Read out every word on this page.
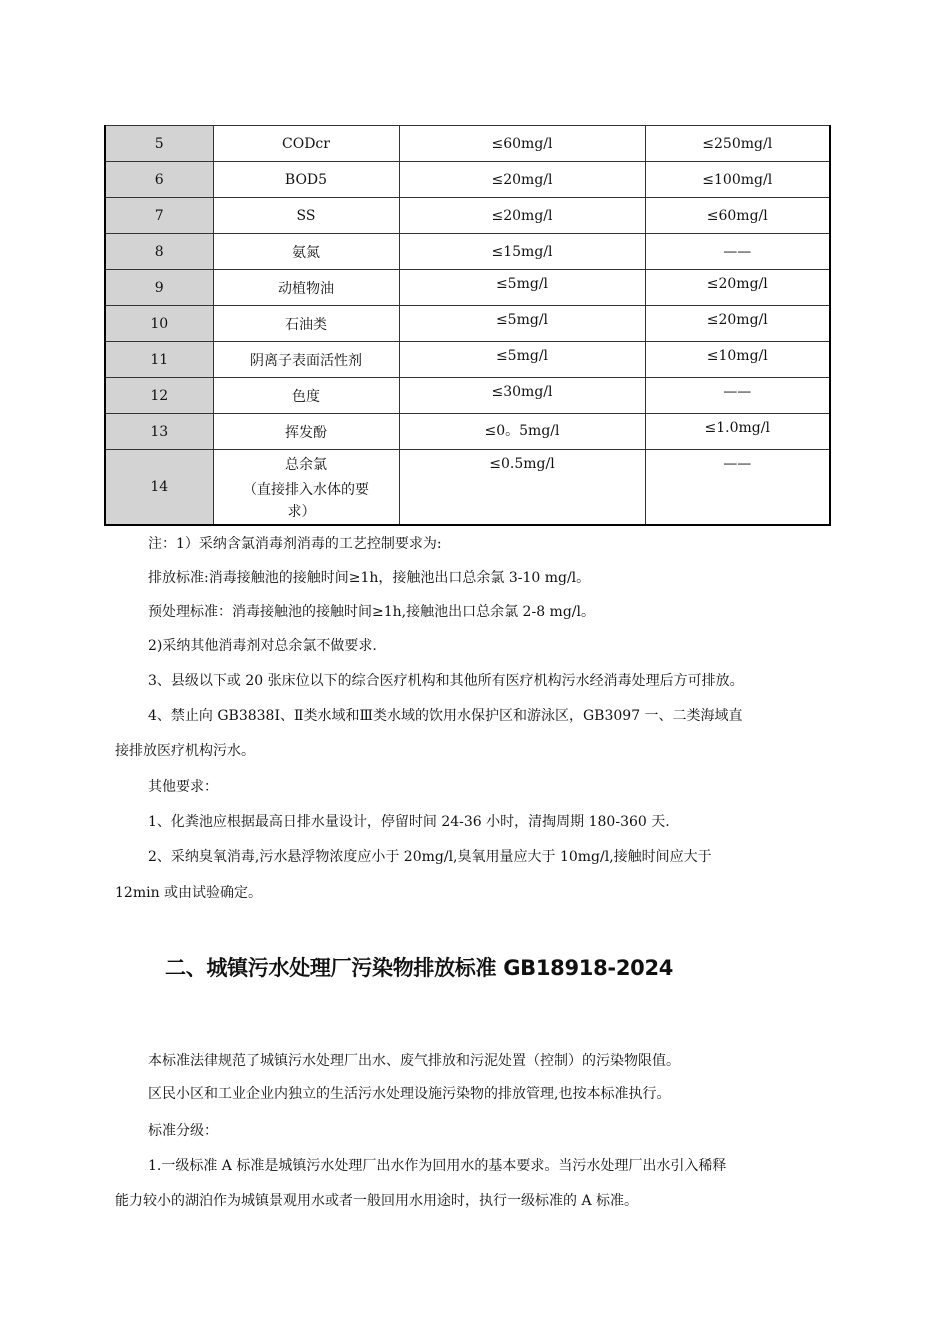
5	CODcr	≤60mg/l	≤250mg/l
6	BOD5	≤20mg/l	≤100mg/l
7	SS	≤20mg/l	≤60mg/l
8	氨氮	≤15mg/l	——
9	动植物油	≤5mg/l	≤20mg/l
10	石油类	≤5mg/l	≤20mg/l
11	阴离子表面活性剂	≤5mg/l	≤10mg/l
12	色度	≤30mg/l	——
13	挥发酚	≤0。5mg/l	≤1.0mg/l
14	总余氯
（直接排入水体的要
求）	≤0.5mg/l	——
注：1）采纳含氯消毒剂消毒的工艺控制要求为:
排放标准:消毒接触池的接触时间≥1h，接触池出口总余氯 3-10 mg/l。
预处理标准：消毒接触池的接触时间≥1h,接触池出口总余氯 2-8 mg/l。
2)采纳其他消毒剂对总余氯不做要求.
3、县级以下或 20 张床位以下的综合医疗机构和其他所有医疗机构污水经消毒处理后方可排放。
4、禁止向 GB3838Ⅰ、Ⅱ类水域和Ⅲ类水域的饮用水保护区和游泳区，GB3097 一、二类海域直
接排放医疗机构污水。
其他要求：
1、化粪池应根据最高日排水量设计，停留时间 24-36 小时，清掏周期 180-360 天.
2、采纳臭氧消毒,污水悬浮物浓度应小于 20mg/l,臭氧用量应大于 10mg/l,接触时间应大于
12min 或由试验确定。
二、城镇污水处理厂污染物排放标准 GB18918-2024
本标准法律规范了城镇污水处理厂出水、废气排放和污泥处置（控制）的污染物限值。
区民小区和工业企业内独立的生活污水处理设施污染物的排放管理,也按本标准执行。
标准分级：
1.一级标准 A 标准是城镇污水处理厂出水作为回用水的基本要求。当污水处理厂出水引入稀释
能力较小的湖泊作为城镇景观用水或者一般回用水用途时，执行一级标准的 A 标准。
